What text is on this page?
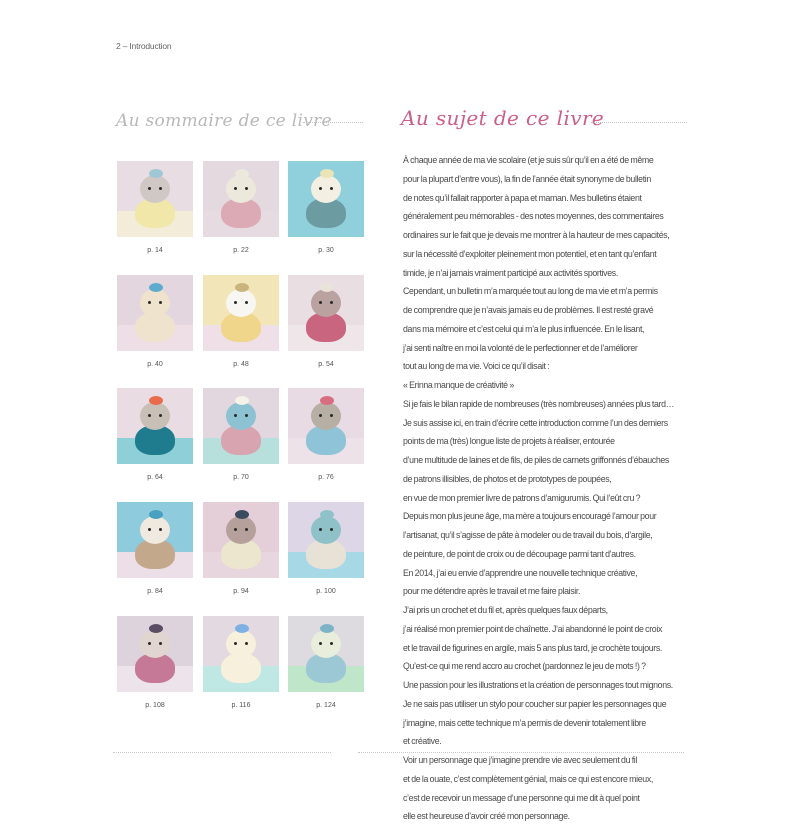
2 – Introduction
Au sommaire de ce livre	Au sujet de ce livre
p. 14	p. 22	p. 30
p. 40	p. 48	p. 54
p. 64	p. 70	p. 76
p. 84	p. 94	p. 100
p. 108	p. 116	p. 124
À chaque année de ma vie scolaire (et je suis sûr qu’il en a été de même
pour la plupart d’entre vous), la fin de l’année était synonyme de bulletin
de notes qu’il fallait rapporter à papa et maman. Mes bulletins étaient
généralement peu mémorables - des notes moyennes, des commentaires
ordinaires sur le fait que je devais me montrer à la hauteur de mes capacités,
sur la nécessité d’exploiter pleinement mon potentiel, et en tant qu’enfant
timide, je n’ai jamais vraiment participé aux activités sportives.
Cependant, un bulletin m’a marquée tout au long de ma vie et m’a permis
de comprendre que je n’avais jamais eu de problèmes. Il est resté gravé
dans ma mémoire et c’est celui qui m’a le plus influencée. En le lisant,
j’ai senti naître en moi la volonté de le perfectionner et de l’améliorer
tout au long de ma vie. Voici ce qu’il disait :
« Erinna manque de créativité »
Si je fais le bilan rapide de nombreuses (très nombreuses) années plus tard…
Je suis assise ici, en train d’écrire cette introduction comme l’un des derniers
points de ma (très) longue liste de projets à réaliser, entourée
d’une multitude de laines et de fils, de piles de carnets griffonnés d’ébauches
de patrons illisibles, de photos et de prototypes de poupées,
en vue de mon premier livre de patrons d’amigurumis. Qui l’eût cru ?
Depuis mon plus jeune âge, ma mère a toujours encouragé l’amour pour
l’artisanat, qu’il s’agisse de pâte à modeler ou de travail du bois, d’argile,
de peinture, de point de croix ou de découpage parmi tant d’autres.
En 2014, j’ai eu envie d’apprendre une nouvelle technique créative,
pour me détendre après le travail et me faire plaisir.
J’ai pris un crochet et du fil et, après quelques faux départs,
j’ai réalisé mon premier point de chaînette. J’ai abandonné le point de croix
et le travail de figurines en argile, mais 5 ans plus tard, je crochète toujours.
Qu’est-ce qui me rend accro au crochet (pardonnez le jeu de mots !) ?
Une passion pour les illustrations et la création de personnages tout mignons.
Je ne sais pas utiliser un stylo pour coucher sur papier les personnages que
j’imagine, mais cette technique m’a permis de devenir totalement libre
et créative.
Voir un personnage que j’imagine prendre vie avec seulement du fil
et de la ouate, c’est complètement génial, mais ce qui est encore mieux,
c’est de recevoir un message d’une personne qui me dit à quel point
elle est heureuse d’avoir créé mon personnage.
